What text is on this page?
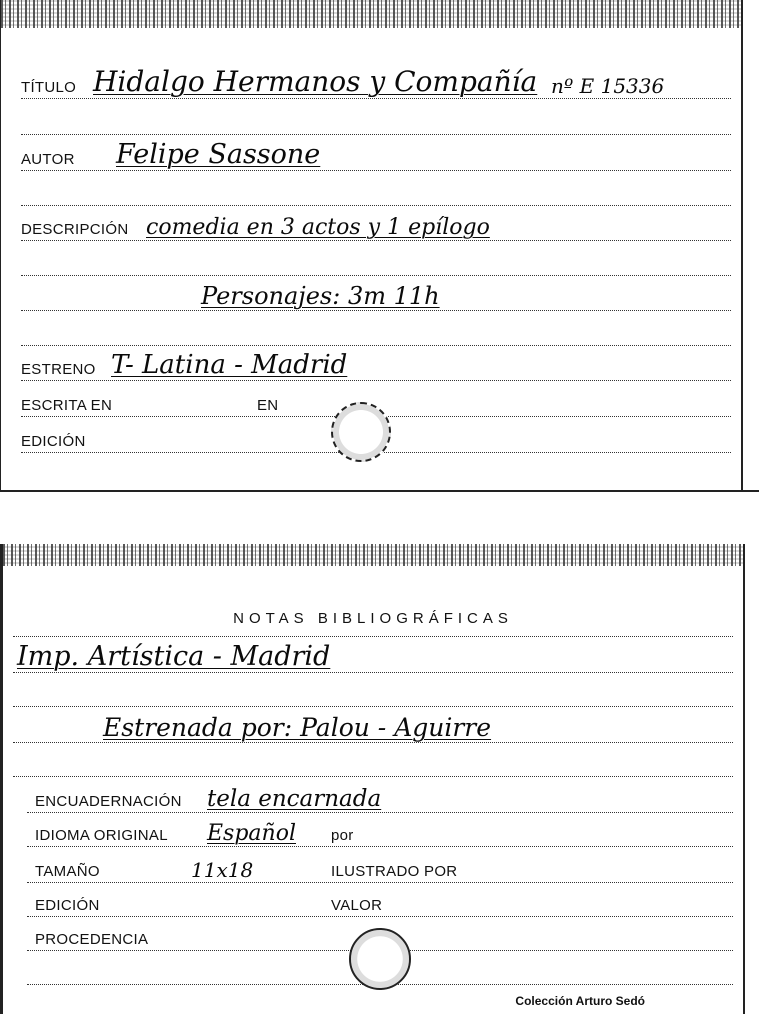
TÍTULO Hidalgo Hermanos y Compañía nº E 15336
AUTOR Felipe Sassone
DESCRIPCIÓN comedia en 3 actos y 1 epílogo
Personajes: 3m 11h
ESTRENO T- Latina - Madrid
ESCRITA EN	EN
EDICIÓN
NOTAS BIBLIOGRÁFICAS
Imp. Artística - Madrid
Estrenada por: Palou - Aguirre
ENCUADERNACIÓN tela encarnada
IDIOMA ORIGINAL Español por
TAMAÑO	11x18	ILUSTRADO POR
EDICIÓN	VALOR
PROCEDENCIA
Colección Arturo Sedó
